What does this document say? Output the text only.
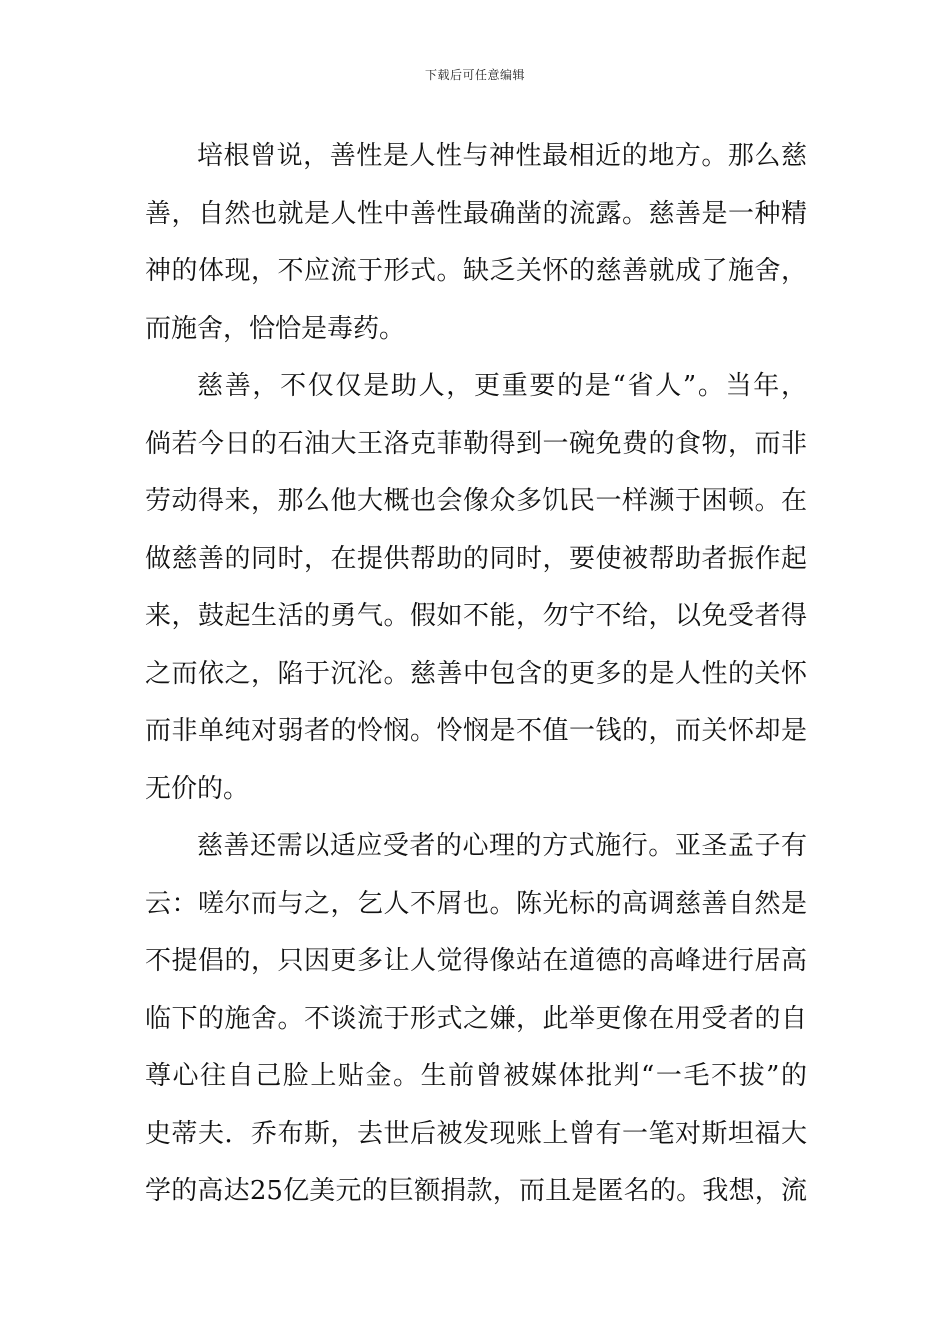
下载后可任意编辑
培根曾说，善性是人性与神性最相近的地方。那么慈
善，自然也就是人性中善性最确凿的流露。慈善是一种精
神的体现，不应流于形式。缺乏关怀的慈善就成了施舍，
而施舍，恰恰是毒药。
慈善，不仅仅是助人，更重要的是“省人”。当年，
倘若今日的石油大王洛克菲勒得到一碗免费的食物，而非
劳动得来，那么他大概也会像众多饥民一样濒于困顿。在
做慈善的同时，在提供帮助的同时，要使被帮助者振作起
来，鼓起生活的勇气。假如不能，勿宁不给，以免受者得
之而依之，陷于沉沦。慈善中包含的更多的是人性的关怀
而非单纯对弱者的怜悯。怜悯是不值一钱的，而关怀却是
无价的。
慈善还需以适应受者的心理的方式施行。亚圣孟子有
云：嗟尔而与之，乞人不屑也。陈光标的高调慈善自然是
不提倡的，只因更多让人觉得像站在道德的高峰进行居高
临下的施舍。不谈流于形式之嫌，此举更像在用受者的自
尊心往自己脸上贴金。生前曾被媒体批判“一毛不拔”的
史蒂夫．乔布斯，去世后被发现账上曾有一笔对斯坦福大
学的高达25亿美元的巨额捐款，而且是匿名的。我想，流
